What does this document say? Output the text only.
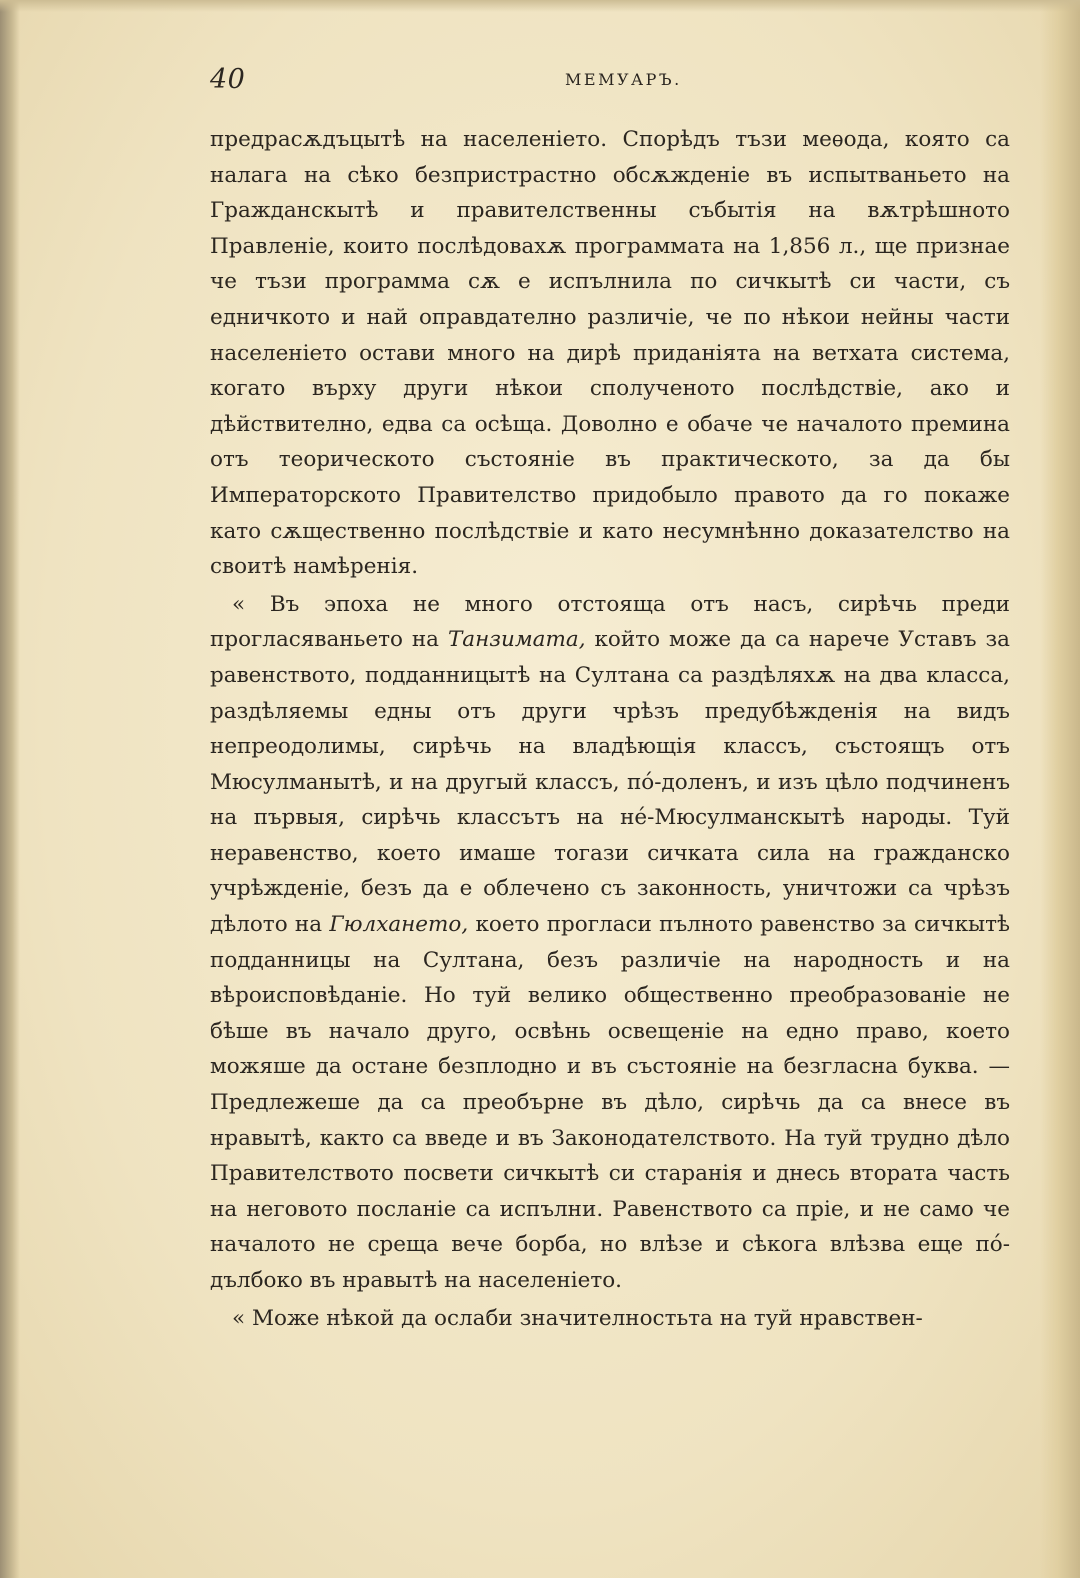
40	МЕМУАРЪ.

предрасѫдъцытѣ на населеніето. Спорѣдъ тъзи меѳода, която са налага на сѣко безпристрастно обсѫжденіе въ испытваньето на Гражданскытѣ и правителственны събытія на вѫтрѣшното Правленіе, които послѣдовахѫ программата на 1,856 л., ще признае че тъзи программа сѫ е испълнила по сичкытѣ си части, съ едничкото и най оправдателно различіе, че по нѣкои нейны части населеніето остави много на дирѣ приданіята на ветхата система, когато върху други нѣкои сполученото послѣдствіе, ако и дѣйствително, едва са осѣща. Доволно е обаче че началото премина отъ теорическото състояніе въ практическото, за да бы Императорското Правителство придобыло правото да го покаже като сѫщественно послѣдствіе и като несумнѣнно доказателство на своитѣ намѣренія.

« Въ эпоха не много отстояща отъ насъ, сирѣчь преди прогласяваньето на Танзимата, който може да са нарече Уставъ за равенството, подданницытѣ на Султана са раздѣляхѫ на два класса, раздѣляемы едны отъ други чрѣзъ предубѣжденія на видъ непреодолимы, сирѣчь на владѣющія классъ, състоящъ отъ Мюсулманытѣ, и на другый классъ, по́-доленъ, и изъ цѣло подчиненъ на първыя, сирѣчь классътъ на не́-Мюсулманскытѣ народы. Туй неравенство, което имаше тогази сичката сила на гражданско учрѣжденіе, безъ да е облечено съ законность, уничтожи са чрѣзъ дѣлото на Гюлхането, което прогласи пълното равенство за сичкытѣ подданницы на Султана, безъ различіе на народность и на вѣроисповѣданіе. Но туй велико общественно преобразованіе не бѣше въ начало друго, освѣнь освещеніе на едно право, което можяше да остане безплодно и въ състояніе на безгласна буква. — Предлежеше да са преобърне въ дѣло, сирѣчь да са внесе въ нравытѣ, както са введе и въ Законодателството. На туй трудно дѣло Правителството посвети сичкытѣ си старанія и днесь втората часть на неговото посланіе са испълни. Равенството са пріе, и не само че началото не среща вече борба, но влѣзе и сѣкога влѣзва еще по́-дълбоко въ нравытѣ на населеніето.

« Може нѣкой да ослаби значителностьта на туй нравствен-
